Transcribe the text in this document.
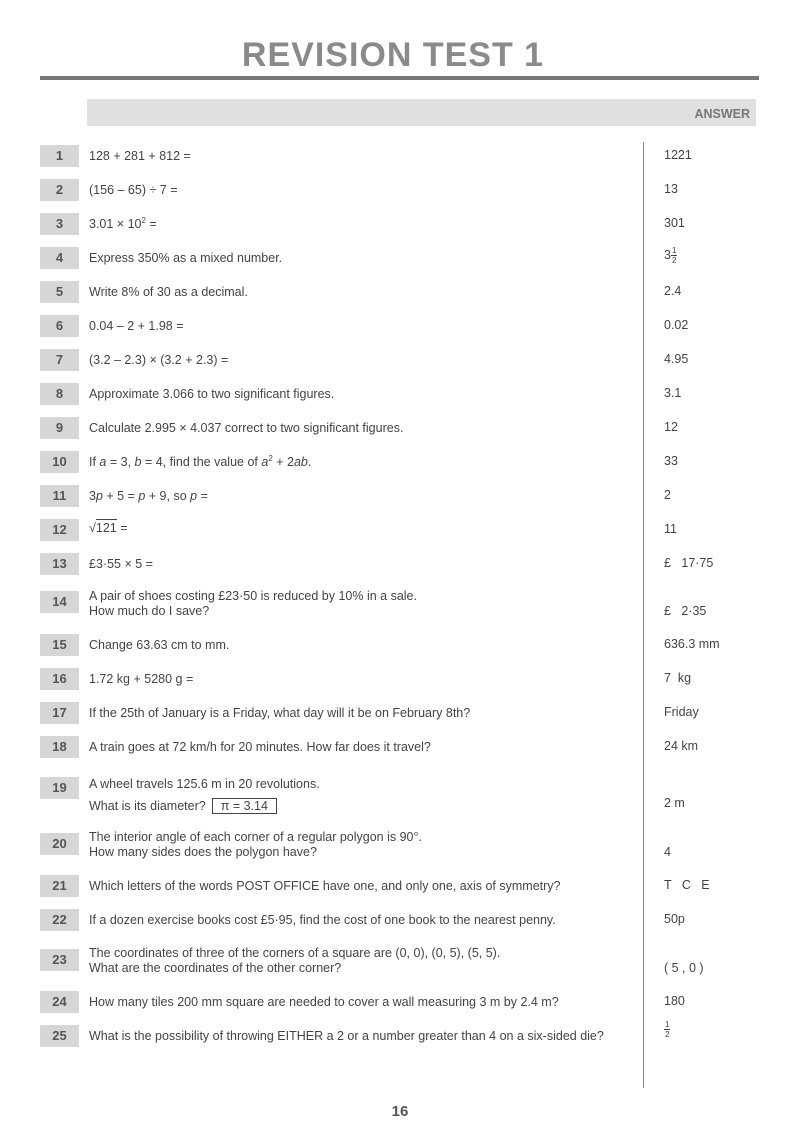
REVISION TEST 1
ANSWER
1	128 + 281 + 812 =	1221
2	(156 – 65) ÷ 7 =	13
3	$3.01 \times 10^2$ =	301
4	Express 350% as a mixed number.	$3 \frac{1}{2}$
5	Write 8% of 30 as a decimal.	2.4
6	0.04 – 2 + 1.98 =	0.02
7	(3.2 – 2.3) × (3.2 + 2.3) =	4.95
8	Approximate 3.066 to two significant figures.	3.1
9	Calculate 2.995 × 4.037 correct to two significant figures.	12
10	If a = 3, b = 4, find the value of $a^2 + 2ab$.	33
11	3p + 5 = p + 9, so p =	2
12	√121 =	11
13	£3·55 × 5 =	£   17·75
14	A pair of shoes costing £23·50 is reduced by 10% in a sale.
How much do I save?	£   2·35
15	Change 63.63 cm to mm.	636.3 mm
16	1.72 kg + 5280 g =	7  kg
17	If the 25th of January is a Friday, what day will it be on February 8th?	Friday
18	A train goes at 72 km/h for 20 minutes. How far does it travel?	24 km
19	A wheel travels 125.6 m in 20 revolutions.
What is its diameter? π = 3.14	2 m
20	The interior angle of each corner of a regular polygon is 90°.
How many sides does the polygon have?	4
21	Which letters of the words POST OFFICE have one, and only one, axis of symmetry?	T   C   E
22	If a dozen exercise books cost £5·95, find the cost of one book to the nearest penny.	50p
23	The coordinates of three of the corners of a square are (0, 0), (0, 5), (5, 5).
What are the coordinates of the other corner?	( 5 , 0 )
24	How many tiles 200 mm square are needed to cover a wall measuring 3 m by 2.4 m?	180
25	What is the possibility of throwing EITHER a 2 or a number greater than 4 on a six-sided die?	$\frac{1}{2}$
16
